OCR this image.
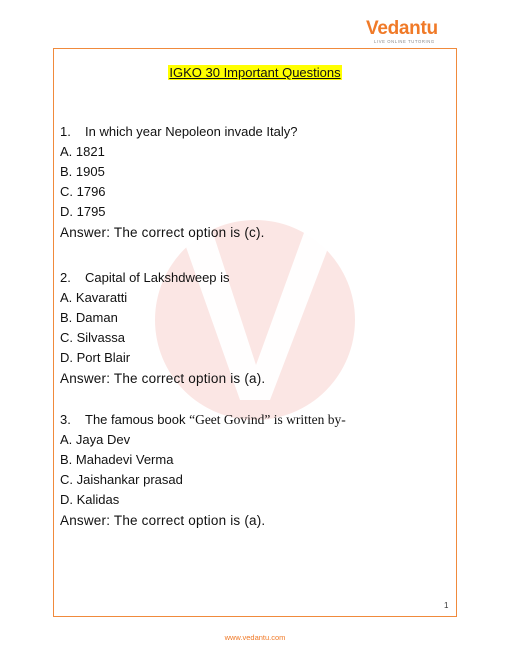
Vedantu
LIVE ONLINE TUTORING
IGKO 30 Important Questions
1. In which year Nepoleon invade Italy?
A. 1821
B. 1905
C. 1796
D. 1795
Answer: The correct option is (c).
2. Capital of Lakshdweep is
A. Kavaratti
B. Daman
C. Silvassa
D. Port Blair
Answer: The correct option is (a).
3. The famous book “Geet Govind” is written by-
A. Jaya Dev
B. Mahadevi Verma
C. Jaishankar prasad
D. Kalidas
Answer: The correct option is (a).
1
www.vedantu.com
